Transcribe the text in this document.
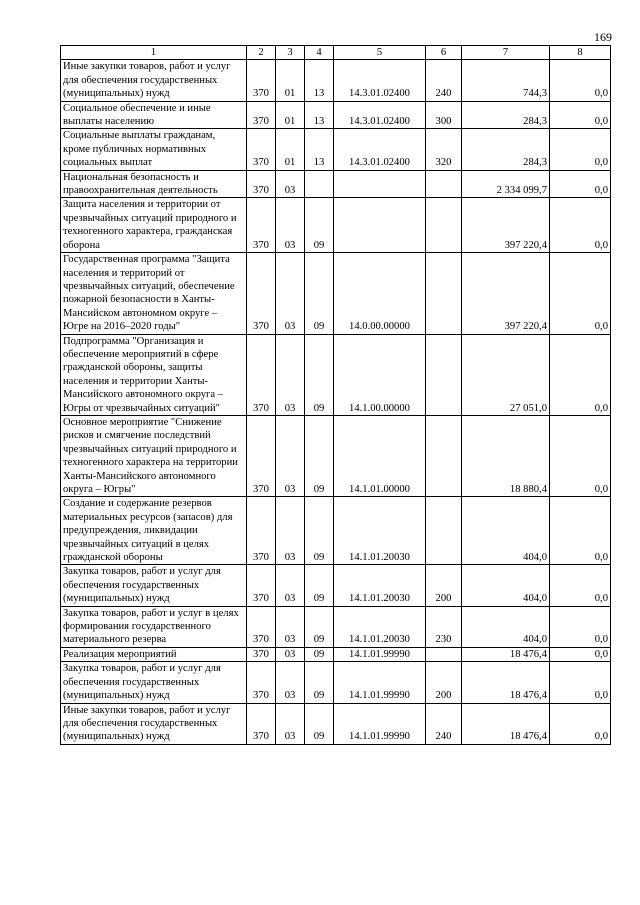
169
1	2	3	4	5	6	7	8
Иные закупки товаров, работ и услуг для обеспечения государственных (муниципальных) нужд	370	01	13	14.3.01.02400	240	744,3	0,0
Социальное обеспечение и иные выплаты населению	370	01	13	14.3.01.02400	300	284,3	0,0
Социальные выплаты гражданам, кроме публичных нормативных социальных выплат	370	01	13	14.3.01.02400	320	284,3	0,0
Национальная безопасность и правоохранительная деятельность	370	03				2 334 099,7	0,0
Защита населения и территории от чрезвычайных ситуаций природного и техногенного характера, гражданская оборона	370	03	09			397 220,4	0,0
Государственная программа "Защита населения и территорий от чрезвычайных ситуаций, обеспечение пожарной безопасности в Ханты-Мансийском автономном округе – Югре на 2016–2020 годы"	370	03	09	14.0.00.00000		397 220,4	0,0
Подпрограмма "Организация и обеспечение мероприятий в сфере гражданской обороны, защиты населения и территории Ханты-Мансийского автономного округа – Югры от чрезвычайных ситуаций"	370	03	09	14.1.00.00000		27 051,0	0,0
Основное мероприятие "Снижение рисков и смягчение последствий чрезвычайных ситуаций природного и техногенного характера на территории Ханты-Мансийского автономного округа – Югры"	370	03	09	14.1.01.00000		18 880,4	0,0
Создание и содержание резервов материальных ресурсов (запасов) для предупреждения, ликвидации чрезвычайных ситуаций в целях гражданской обороны	370	03	09	14.1.01.20030		404,0	0,0
Закупка товаров, работ и услуг для обеспечения государственных (муниципальных) нужд	370	03	09	14.1.01.20030	200	404,0	0,0
Закупка товаров, работ и услуг в целях формирования государственного материального резерва	370	03	09	14.1.01.20030	230	404,0	0,0
Реализация мероприятий	370	03	09	14.1.01.99990		18 476,4	0,0
Закупка товаров, работ и услуг для обеспечения государственных (муниципальных) нужд	370	03	09	14.1.01.99990	200	18 476,4	0,0
Иные закупки товаров, работ и услуг для обеспечения государственных (муниципальных) нужд	370	03	09	14.1.01.99990	240	18 476,4	0,0
